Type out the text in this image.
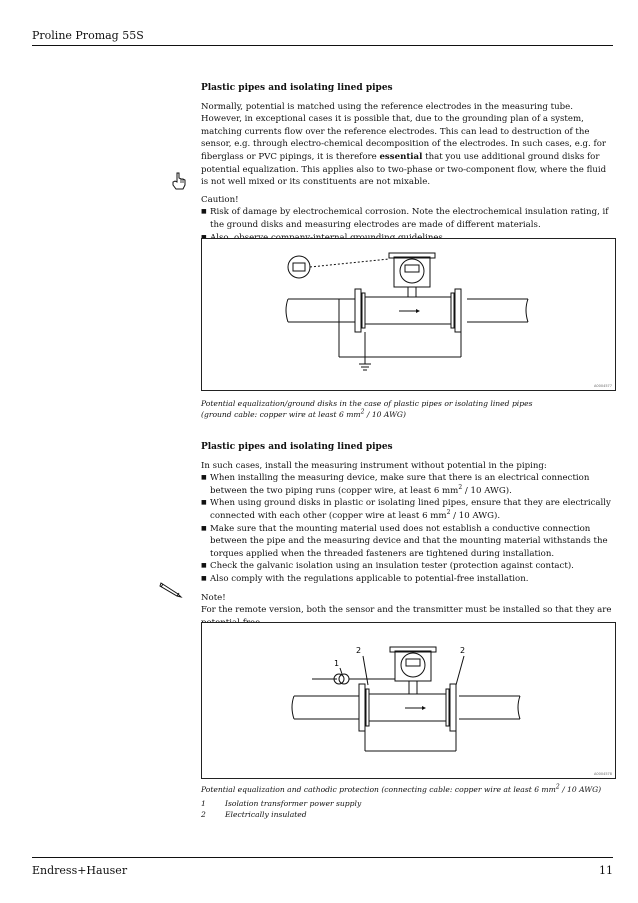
Proline Promag 55S
Plastic pipes and isolating lined pipes

Normally, potential is matched using the reference electrodes in the measuring tube. However, in exceptional cases it is possible that, due to the grounding plan of a system, matching currents flow over the reference electrodes. This can lead to destruction of the sensor, e.g. through electro-chemical decomposition of the electrodes. In such cases, e.g. for fiberglass or PVC pipings, it is therefore essential that you use additional ground disks for potential equalization. This applies also to two-phase or two-component flow, where the fluid is not well mixed or its constituents are not mixable.

Caution!
■ Risk of damage by electrochemical corrosion. Note the electrochemical insulation rating, if the ground disks and measuring electrodes are made of different materials.
■
A0004577
Potential equalization/ground disks in the case of plastic pipes or isolating lined pipes
(ground cable: copper wire at least 6 $mm^2 / 10$ AWG)
Plastic pipes and isolating lined pipes

In such cases, install the measuring instrument without potential in the piping:

■ When installing the measuring device, make sure that there is an electrical connection between the two piping runs (copper wire, at least 6 $mm^2 / 10$ AWG).
■ When using ground disks in plastic or isolating lined pipes, ensure that they are electrically connected with each other (copper wire at least 6 $mm^2 / 10$ AWG).
■ Make sure that the mounting material used does not establish a conductive connection between the pipe and the measuring device and that the mounting material withstands the torques applied when the threaded fasteners are tightened during installation.
■ Check the galvanic isolation using an insulation tester (protection against contact).
■ Also comply with the regulations applicable to potential-free installation.
Note!
For the remote version, both the sensor and the transmitter must be installed so that they are
2	2
1
A0004578
Potential equalization and cathodic protection (connecting cable: copper wire at least 6 $mm^2 / 10$ AWG)
1	Isolation transformer power supply
2	Electrically insulated
Endress+Hauser	11
